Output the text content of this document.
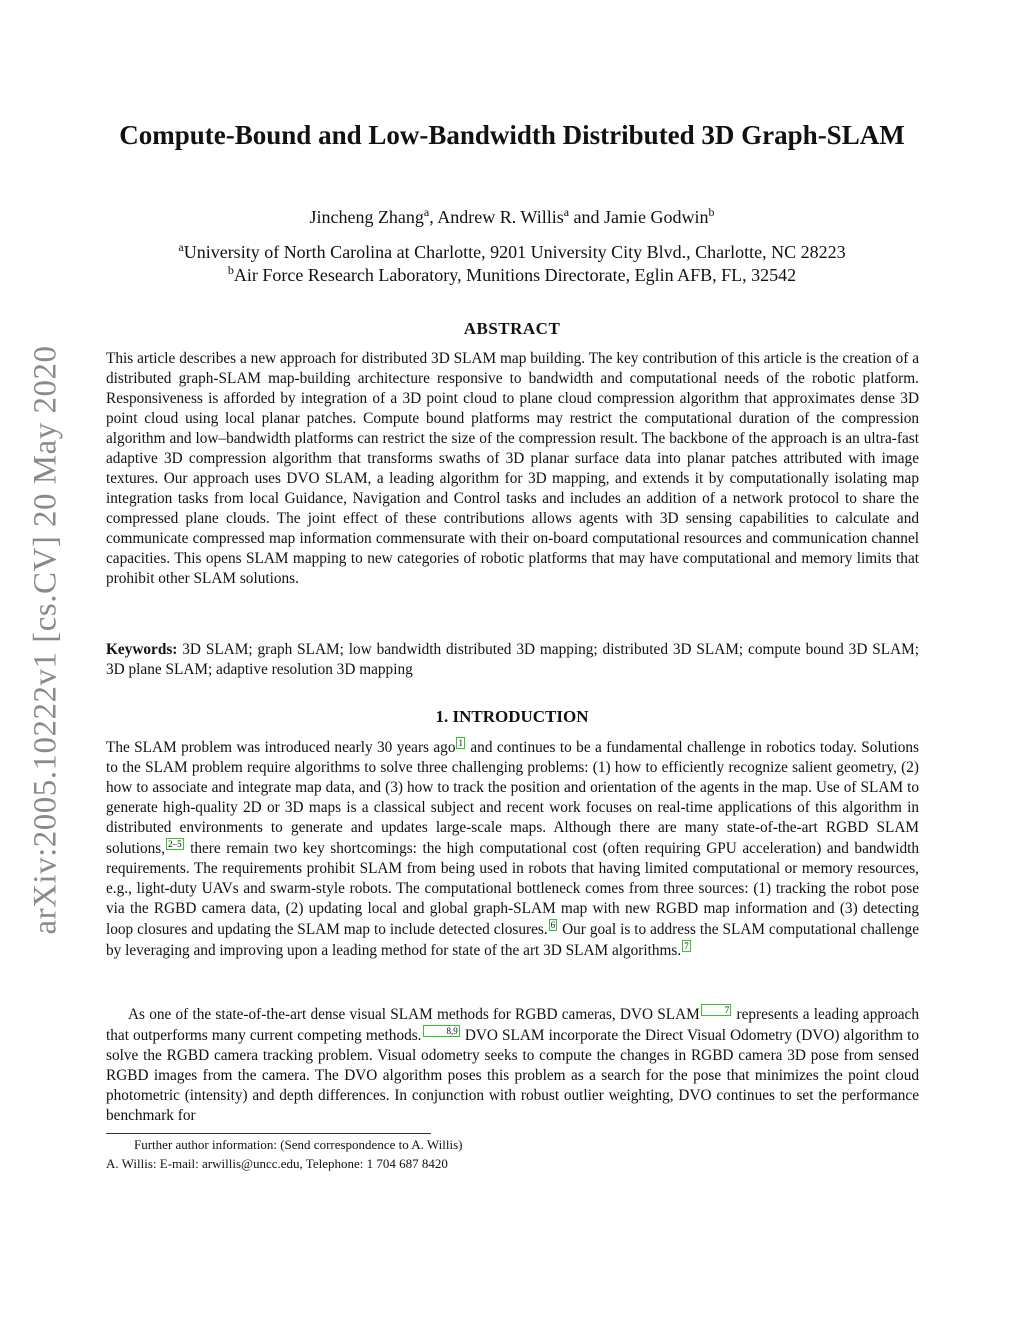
arXiv:2005.10222v1 [cs.CV] 20 May 2020
Compute-Bound and Low-Bandwidth Distributed 3D Graph-SLAM
Jincheng Zhang$^a$, Andrew R. Willis$^a$ and Jamie Godwin$^b$
$^a$University of North Carolina at Charlotte, 9201 University City Blvd., Charlotte, NC 28223
$^b$Air Force Research Laboratory, Munitions Directorate, Eglin AFB, FL, 32542
ABSTRACT
This article describes a new approach for distributed 3D SLAM map building. The key contribution of this article is the creation of a distributed graph-SLAM map-building architecture responsive to bandwidth and computational needs of the robotic platform. Responsiveness is afforded by integration of a 3D point cloud to plane cloud compression algorithm that approximates dense 3D point cloud using local planar patches. Compute bound platforms may restrict the computational duration of the compression algorithm and low–bandwidth platforms can restrict the size of the compression result. The backbone of the approach is an ultra-fast adaptive 3D compression algorithm that transforms swaths of 3D planar surface data into planar patches attributed with image textures. Our approach uses DVO SLAM, a leading algorithm for 3D mapping, and extends it by computationally isolating map integration tasks from local Guidance, Navigation and Control tasks and includes an addition of a network protocol to share the compressed plane clouds. The joint effect of these contributions allows agents with 3D sensing capabilities to calculate and communicate compressed map information commensurate with their on-board computational resources and communication channel capacities. This opens SLAM mapping to new categories of robotic platforms that may have computational and memory limits that prohibit other SLAM solutions.
Keywords: 3D SLAM; graph SLAM; low bandwidth distributed 3D mapping; distributed 3D SLAM; compute bound 3D SLAM; 3D plane SLAM; adaptive resolution 3D mapping
1. INTRODUCTION
The SLAM problem was introduced nearly 30 years ago 1 and continues to be a fundamental challenge in robotics today. Solutions to the SLAM problem require algorithms to solve three challenging problems: (1) how to efficiently recognize salient geometry, (2) how to associate and integrate map data, and (3) how to track the position and orientation of the agents in the map. Use of SLAM to generate high-quality 2D or 3D maps is a classical subject and recent work focuses on real-time applications of this algorithm in distributed environments to generate and updates large-scale maps. Although there are many state-of-the-art RGBD SLAM solutions, 2–5 there remain two key shortcomings: the high computational cost (often requiring GPU acceleration) and bandwidth requirements. The requirements prohibit SLAM from being used in robots that having limited computational or memory resources, e.g., light-duty UAVs and swarm-style robots. The computational bottleneck comes from three sources: (1) tracking the robot pose via the RGBD camera data, (2) updating local and global graph-SLAM map with new RGBD map information and (3) detecting loop closures and updating the SLAM map to include detected closures. 6 Our goal is to address the SLAM computational challenge by leveraging and improving upon a leading method for state of the art 3D SLAM algorithms. 7
As one of the state-of-the-art dense visual SLAM methods for RGBD cameras, DVO SLAM	7 represents a leading approach that outperforms many current competing methods.	8,9 DVO SLAM incorporate the Direct Visual Odometry (DVO) algorithm to solve the RGBD camera tracking problem. Visual odometry seeks to compute the changes in RGBD camera 3D pose from sensed RGBD images from the camera. The DVO algorithm poses this problem as a search for the pose that minimizes the point cloud photometric (intensity) and depth differences. In conjunction with robust outlier weighting, DVO continues to set the performance benchmark for
Further author information: (Send correspondence to A. Willis)
A. Willis: E-mail: arwillis@uncc.edu, Telephone: 1 704 687 8420
